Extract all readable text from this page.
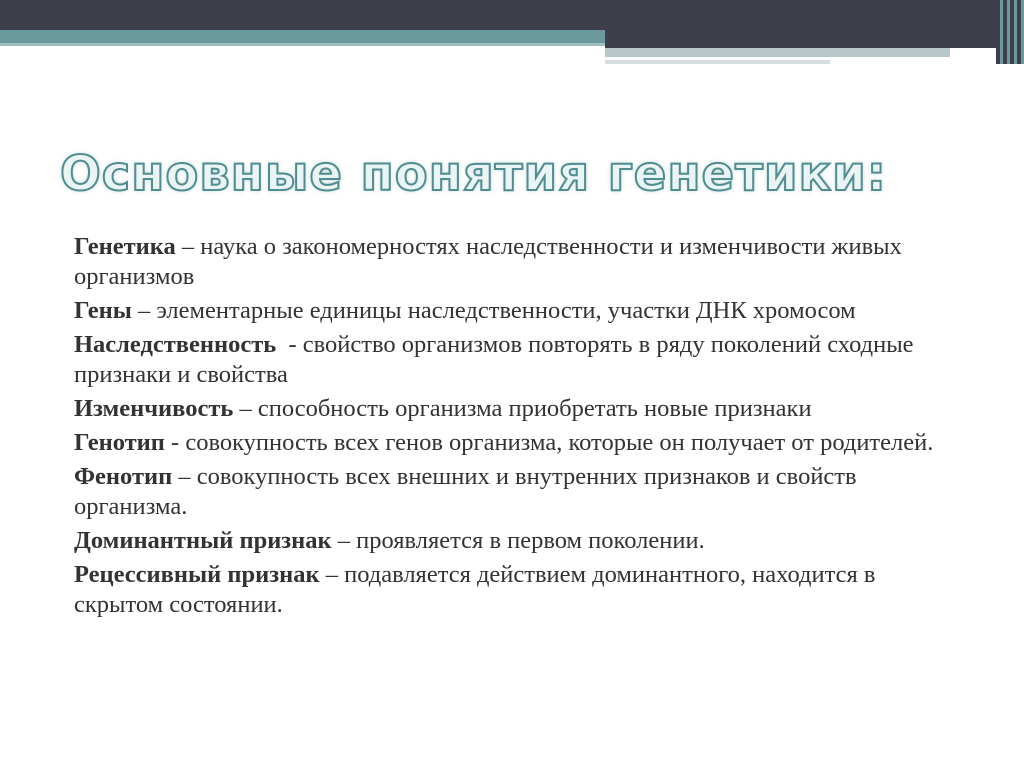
Основные понятия генетики:

Генетика – наука о закономерностях наследственности и изменчивости живых организмов

Гены – элементарные единицы наследственности, участки ДНК хромосом

Наследственность  - свойство организмов повторять в ряду поколений сходные признаки и свойства

Изменчивость – способность организма приобретать новые признаки

Генотип - совокупность всех генов организма, которые он получает от родителей.

Фенотип – совокупность всех внешних и внутренних признаков и свойств организма.

Доминантный признак – проявляется в первом поколении.

Рецессивный признак – подавляется действием доминантного, находится в скрытом состоянии.
